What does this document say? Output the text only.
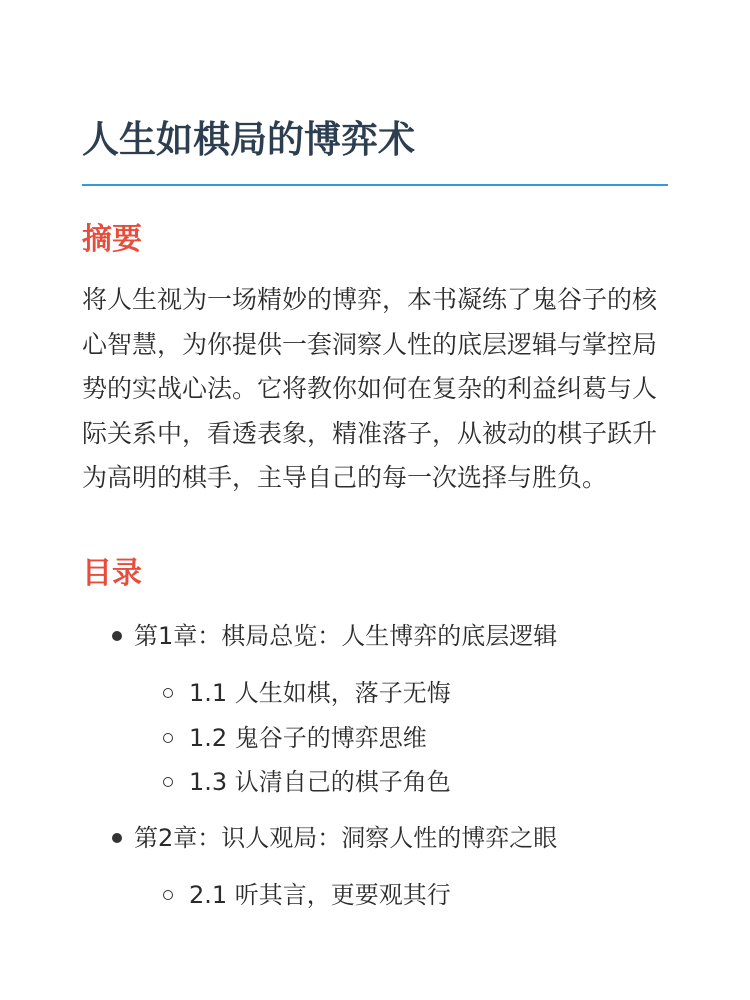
人生如棋局的博弈术
摘要

将人生视为一场精妙的博弈，本书凝练了鬼谷子的核心智慧，为你提供一套洞察人性的底层逻辑与掌控局势的实战心法。它将教你如何在复杂的利益纠葛与人际关系中，看透表象，精准落子，从被动的棋子跃升为高明的棋手，主导自己的每一次选择与胜负。

目录
第1章：棋局总览：人生博弈的底层逻辑
1.1 人生如棋，落子无悔
1.2 鬼谷子的博弈思维
1.3 认清自己的棋子角色
第2章：识人观局：洞察人性的博弈之眼
2.1 听其言，更要观其行
